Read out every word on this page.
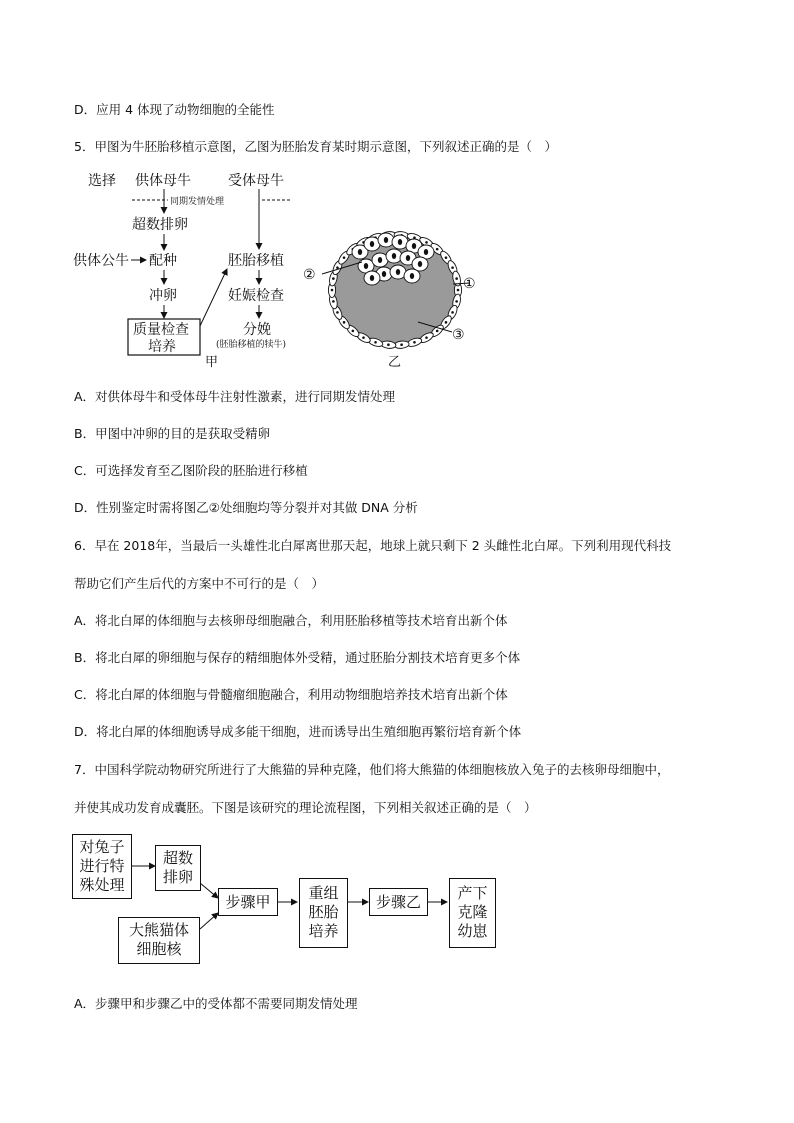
D．应用 4 体现了动物细胞的全能性
5．甲图为牛胚胎移植示意图，乙图为胚胎发育某时期示意图，下列叙述正确的是（　）
选择 供体母牛	受体母牛
同期发情处理
超数排卵
供体公牛 配种
冲卵
质量检查
培养
胚胎移植
妊娠检查
分娩
(胚胎移植的犊牛)
甲
②
①
③
乙
A．对供体母牛和受体母牛注射性激素，进行同期发情处理
B．甲图中冲卵的目的是获取受精卵
C．可选择发育至乙图阶段的胚胎进行移植
D．性别鉴定时需将图乙②处细胞均等分裂并对其做 DNA 分析
6．早在 2018年，当最后一头雄性北白犀离世那天起，地球上就只剩下 2 头雌性北白犀。下列利用现代科技
帮助它们产生后代的方案中不可行的是（　）
A．将北白犀的体细胞与去核卵母细胞融合，利用胚胎移植等技术培育出新个体
B．将北白犀的卵细胞与保存的精细胞体外受精，通过胚胎分割技术培育更多个体
C．将北白犀的体细胞与骨髓瘤细胞融合，利用动物细胞培养技术培育出新个体
D．将北白犀的体细胞诱导成多能干细胞，进而诱导出生殖细胞再繁衍培育新个体
7．中国科学院动物研究所进行了大熊猫的异种克隆，他们将大熊猫的体细胞核放入兔子的去核卵母细胞中，
并使其成功发育成囊胚。下图是该研究的理论流程图，下列相关叙述正确的是（　）
对兔子
进行特
殊处理
超数
排卵
大熊猫体
细胞核
步骤甲	重组
胚胎
培养
步骤乙	产下
克隆
幼崽
A．步骤甲和步骤乙中的受体都不需要同期发情处理
